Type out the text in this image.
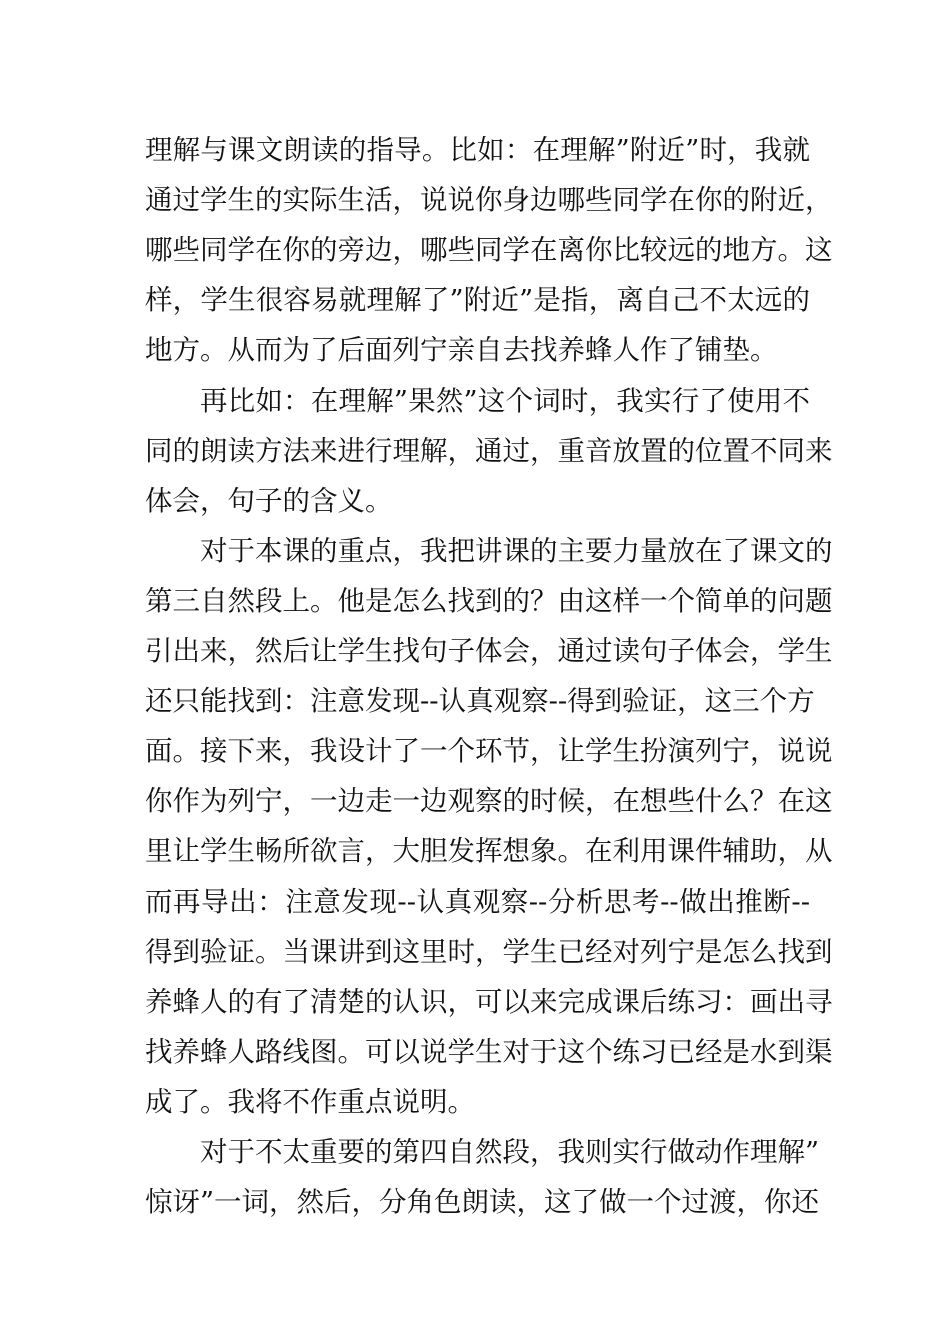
理解与课文朗读的指导。比如：在理解”附近”时，我就
通过学生的实际生活，说说你身边哪些同学在你的附近，
哪些同学在你的旁边，哪些同学在离你比较远的地方。这
样，学生很容易就理解了”附近”是指，离自己不太远的
地方。从而为了后面列宁亲自去找养蜂人作了铺垫。
再比如：在理解”果然”这个词时，我实行了使用不
同的朗读方法来进行理解，通过，重音放置的位置不同来
体会，句子的含义。
对于本课的重点，我把讲课的主要力量放在了课文的
第三自然段上。他是怎么找到的？由这样一个简单的问题
引出来，然后让学生找句子体会，通过读句子体会，学生
还只能找到：注意发现--认真观察--得到验证，这三个方
面。接下来，我设计了一个环节，让学生扮演列宁，说说
你作为列宁，一边走一边观察的时候，在想些什么？在这
里让学生畅所欲言，大胆发挥想象。在利用课件辅助，从
而再导出：注意发现--认真观察--分析思考--做出推断--
得到验证。当课讲到这里时，学生已经对列宁是怎么找到
养蜂人的有了清楚的认识，可以来完成课后练习：画出寻
找养蜂人路线图。可以说学生对于这个练习已经是水到渠
成了。我将不作重点说明。
对于不太重要的第四自然段，我则实行做动作理解”
惊讶”一词，然后，分角色朗读，这了做一个过渡，你还
